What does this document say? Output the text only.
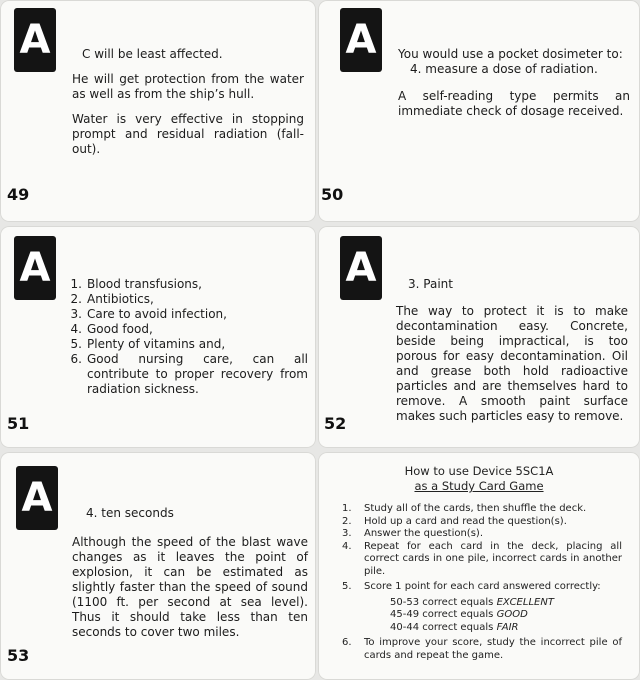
A	C will be least affected.

He will get protection from the water as well as from the ship’s hull.

Water is very effective in stopping prompt and residual radiation (fall-out).

49
A You would use a pocket dosimeter to:

4. measure a dose of radiation.

A self-reading type permits an immediate check of dosage received.

50
A	1. Blood transfusions,
2. Antibiotics,
3. Care to avoid infection,
4. Good food,
5. Plenty of vitamins and,
6. Good nursing care, can all contribute to proper recovery from radiation sickness.
51
A	3. Paint

The way to protect it is to make decontamination easy. Concrete, beside being impractical, is too porous for easy decontamination. Oil and grease both hold radioactive particles and are themselves hard to remove. A smooth paint surface makes such particles easy to remove.

52
A	4. ten seconds

Although the speed of the blast wave changes as it leaves the point of explosion, it can be estimated as slightly faster than the speed of sound (1100 ft. per second at sea level). Thus it should take less than ten seconds to cover two miles.

53
How to use Device 5SC1A
as a Study Card Game
1.	Study all of the cards, then shuffle the deck.
2.	Hold up a card and read the question(s).
3.	Answer the question(s).
4.	Repeat for each card in the deck, placing all correct cards in one pile, incorrect cards in another pile.
5.	Score 1 point for each card answered correctly:
50-53 correct equals EXCELLENT
45-49 correct equals GOOD
40-44 correct equals FAIR
6.	To improve your score, study the incorrect pile of cards and repeat the game.
